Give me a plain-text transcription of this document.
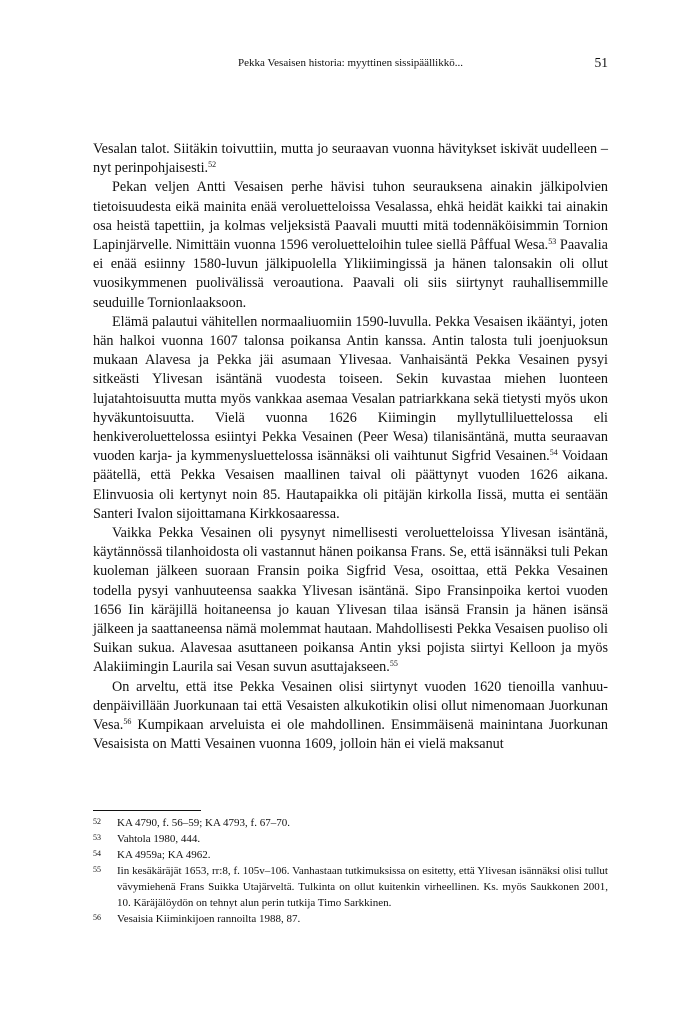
Pekka Vesaisen historia: myyttinen sissipäällikkö...	51

Vesalan talot. Siitäkin toivuttiin, mutta jo seuraavan vuonna hävitykset iskivät uudelleen – nyt perinpohjaisesti.$^{52}$

Pekan veljen Antti Vesaisen perhe hävisi tuhon seurauksena ainakin jälkipolvien tietoisuudesta eikä mainita enää veroluetteloissa Vesalassa, ehkä heidät kaikki tai ainakin osa heistä tapettiin, ja kolmas veljeksistä Paavali muutti mitä todennäköisimmin Tornion Lapinjärvelle. Nimittäin vuonna 1596 veroluetteloihin tulee siellä Påffual Wesa.$^{53}$ Paavalia ei enää esiinny 1580-luvun jälkipuolella Ylikiimingissä ja hänen talonsakin oli ollut vuosikymmenen puolivälissä veroautiona. Paavali oli siis siirtynyt rauhallisemmille seuduille Tornionlaaksoon.

Elämä palautui vähitellen normaaliuomiin 1590-luvulla. Pekka Vesaisen ikääntyi, joten hän halkoi vuonna 1607 talonsa poikansa Antin kanssa. Antin talosta tuli joenjuoksun mukaan Alavesa ja Pekka jäi asumaan Ylivesaa. Vanhaisäntä Pekka Vesainen pysyi sitkeästi Ylivesan isäntänä vuodesta toiseen. Sekin kuvastaa miehen luonteen lujatahtoisuutta mutta myös vankkaa asemaa Vesalan patriarkkana sekä tietysti myös ukon hyväkuntoisuutta. Vielä vuonna 1626 Kiimingin myllytulliluettelossa eli henkiveroluettelossa esiintyi Pekka Vesainen (Peer Wesa) tilanisäntänä, mutta seuraavan vuoden karja- ja kymmenysluettelossa isännäksi oli vaihtunut Sigfrid Vesainen.$^{54}$ Voidaan päätellä, että Pekka Vesaisen maallinen taival oli päättynyt vuoden 1626 aikana. Elinvuosia oli kertynyt noin 85. Hautapaikka oli pitäjän kirkolla Iissä, mutta ei sentään Santeri Ivalon sijoittamana Kirkkosaaressa.

Vaikka Pekka Vesainen oli pysynyt nimellisesti veroluetteloissa Ylivesan isäntänä, käytännössä tilanhoidosta oli vastannut hänen poikansa Frans. Se, että isännäksi tuli Pekan kuoleman jälkeen suoraan Fransin poika Sigfrid Vesa, osoittaa, että Pekka Vesainen todella pysyi vanhuuteensa saakka Ylivesan isäntänä. Sipo Fransinpoika kertoi vuoden 1656 Iin käräjillä hoitaneensa jo kauan Ylivesan tilaa isänsä Fransin ja hänen isänsä jälkeen ja saattaneensa nämä molemmat hautaan. Mahdollisesti Pekka Vesaisen puoliso oli Suikan sukua. Alavesaa asuttaneen poikansa Antin yksi pojista siirtyi Kelloon ja myös Alakiimingin Laurila sai Vesan suvun asuttajakseen.$^{55}$

On arveltu, että itse Pekka Vesainen olisi siirtynyt vuoden 1620 tienoilla vanhuudenpäivillään Juorkunaan tai että Vesaisten alkukotikin olisi ollut nimenomaan Juorkunan Vesa.$^{56}$ Kumpikaan arveluista ei ole mahdollinen. Ensimmäisenä mainintana Juorkunan Vesaisista on Matti Vesainen vuonna 1609, jolloin hän ei vielä maksanut

52	KA 4790, f. 56–59; KA 4793, f. 67–70.
53	Vahtola 1980, 444.
54	KA 4959a; KA 4962.
55	Iin kesäkäräjät 1653, rr:8, f. 105v–106. Vanhastaan tutkimuksissa on esitetty, että Ylivesan isännäksi olisi tullut vävymiehenä Frans Suikka Utajärveltä. Tulkinta on ollut kuitenkin virheellinen. Ks. myös Saukkonen 2001, 10. Käräjälöydön on tehnyt alun perin tutkija Timo Sarkkinen.
56	Vesaisia Kiiminkijoen rannoilta 1988, 87.
